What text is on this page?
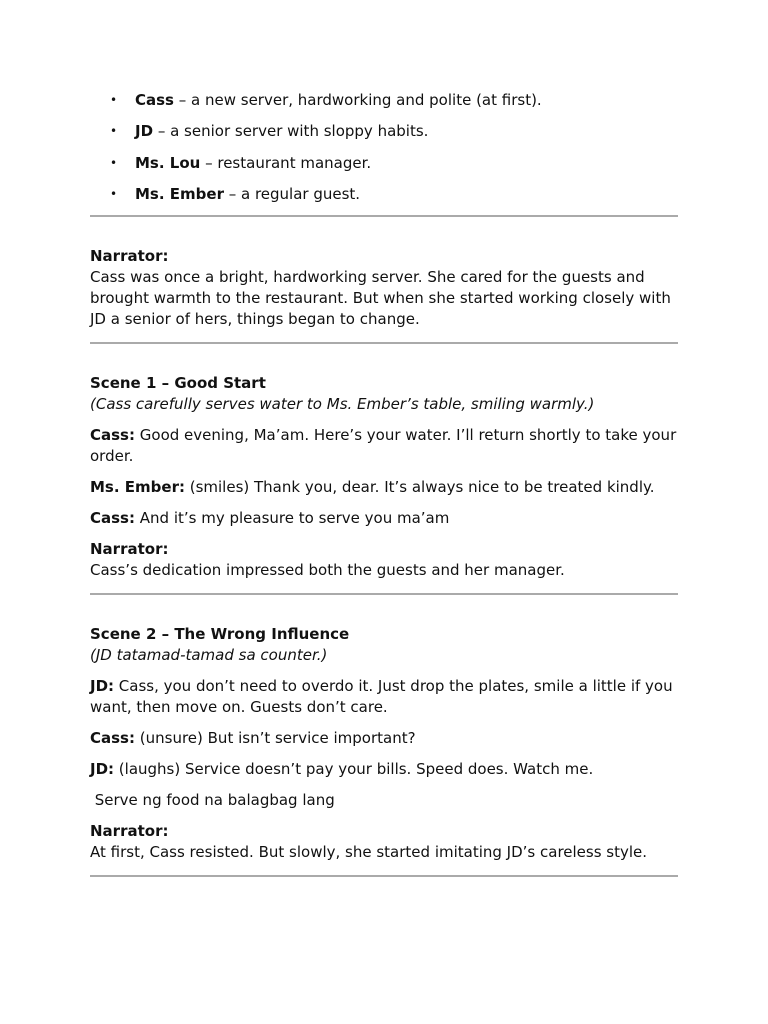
• Cass – a new server, hardworking and polite (at first).
• JD – a senior server with sloppy habits.
• Ms. Lou – restaurant manager.
• Ms. Ember – a regular guest.

Narrator:

Cass was once a bright, hardworking server. She cared for the guests and brought warmth to the restaurant. But when she started working closely with JD a senior of hers, things began to change.

Scene 1 – Good Start

(Cass carefully serves water to Ms. Ember’s table, smiling warmly.)

Cass: Good evening, Ma’am. Here’s your water. I’ll return shortly to take your order.

Ms. Ember: (smiles) Thank you, dear. It’s always nice to be treated kindly.

Cass: And it’s my pleasure to serve you ma’am

Narrator:

Cass’s dedication impressed both the guests and her manager.

Scene 2 – The Wrong Influence

(JD tatamad-tamad sa counter.)

JD: Cass, you don’t need to overdo it. Just drop the plates, smile a little if you want, then move on. Guests don’t care.

Cass: (unsure) But isn’t service important?

JD: (laughs) Service doesn’t pay your bills. Speed does. Watch me.

Serve ng food na balagbag lang

Narrator:

At first, Cass resisted. But slowly, she started imitating JD’s careless style.
